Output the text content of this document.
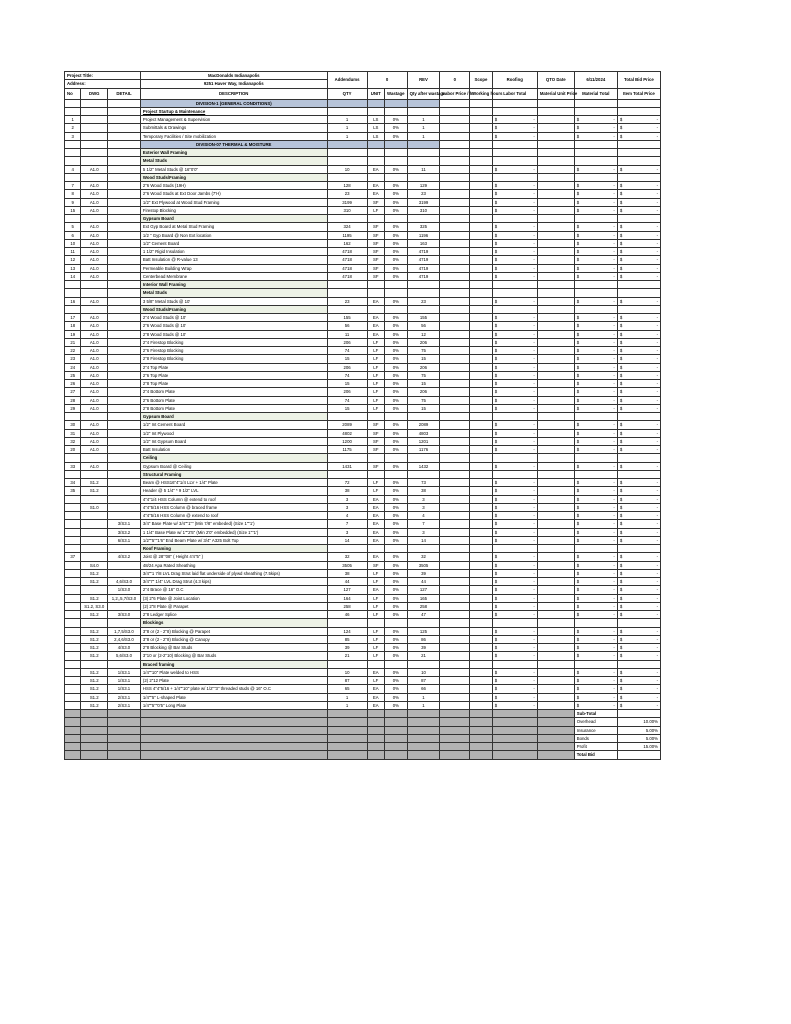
Project Title:			MacDonalds Indianapolis	Addendums	0		REV	0	Scope	Roofing	QTO Date	6/11/2024	Total Bid Price
Address:			9251 Haver Way, Indianapolis										
No	DWG	DETAIL	DESCRIPTION	QTY	UNIT	Wastage	Qty after wastage	Labor Price / hr	Working hours	Labor Total	Material Unit Price	Material Total	Item Total Price
			DIVISION-1 (GENERAL CONDITIONS)										
			Project Startup & Maintenance										
1			Project Management & Supervision	1	LS	0%	1			$ -		$ -	$ -

2			Submittals & Drawings	1	LS	0%	1			$ -		$ -	$ -

3			Temporary Facilities / Site mobilization	1	LS	0%	1			$ -		$ -	$ -

			DIVISION-07 THERMAL & MOISTURE										
			Exterior Wall Framing										
			Metal Studs										
4	A1.0		5 1/2" Metal Studs @ 16"0'0"	10	EA	0%	11			$ -		$ -	$ -

			Wood Studs/Framing										
7	A1.0		2"6 Wood Studs (19H)	128	EA	0%	129			$ -		$ -	$ -

8	A1.0		2"6 Wood Studs at Ext Door Jambs (7'H)	23	EA	0%	23			$ -		$ -	$ -

9	A1.0		1/2" Ext Plywood at Wood Stud Framing	3199	SF	0%	3199			$ -		$ -	$ -

15	A1.0		Firestop Blocking	310	LF	0%	310			$ -		$ -	$ -

			Gypsum Board										
5	A1.0		Ext Gyp Board at Metal Stud Framing	324	SF	0%	325			$ -		$ -	$ -

6	A1.0		1/2 " Gyp Board @ Non Ext location	1195	SF	0%	1196			$ -		$ -	$ -

10	A1.0		1/2" Cement Board	162	SF	0%	163			$ -		$ -	$ -

11	A1.0		1 1/2" Rigid Insulation	4718	SF	0%	4719			$ -		$ -	$ -

12	A1.0		Batt Insulation @ R-value 13	4718	SF	0%	4719			$ -		$ -	$ -

13	A1.0		Permeable Building Wrap	4718	SF	0%	4719			$ -		$ -	$ -

14	A1.0		Centerbead Membrane	4718	SF	0%	4719			$ -		$ -	$ -

			Interior Wall Framing										
			Metal Studs										
16	A1.0		3 5/8" Metal Studs @ 10'	23	EA	0%	23			$ -		$ -	$ -

			Wood Studs/Framing										
17	A1.0		2"4 Wood Studs @ 10'	155	EA	0%	155			$ -		$ -	$ -

18	A1.0		2"6 Wood Studs @ 10'	56	EA	0%	56			$ -		$ -	$ -

19	A1.0		2"8 Wood Studs @ 10'	11	EA	0%	12			$ -		$ -	$ -

21	A1.0		2"4 Firestop Blocking	206	LF	0%	206			$ -		$ -	$ -

22	A1.0		2"6 Firestop Blocking	74	LF	0%	75			$ -		$ -	$ -

23	A1.0		2"8 Firestop Blocking	15	LF	0%	15			$ -		$ -	$ -

24	A1.0		2"4 Top Plate	206	LF	0%	206			$ -		$ -	$ -

25	A1.0		2"6 Top Plate	74	LF	0%	75			$ -		$ -	$ -

26	A1.0		2"8 Top Plate	15	LF	0%	15			$ -		$ -	$ -

27	A1.0		2"4 Bottom Plate	206	LF	0%	206			$ -		$ -	$ -

28	A1.0		2"6 Bottom Plate	74	LF	0%	75			$ -		$ -	$ -

29	A1.0		2"8 Bottom Plate	15	LF	0%	15			$ -		$ -	$ -

			Gypsum Board										
30	A1.0		1/2" Int Cement Board	2089	SF	0%	2089			$ -		$ -	$ -

31	A1.0		1/2" Int Plywood	4802	SF	0%	4803			$ -		$ -	$ -

32	A1.0		1/2" Int Gypsum Board	1200	SF	0%	1201			$ -		$ -	$ -

20	A1.0		Batt Insulation	1175	SF	0%	1176			$ -		$ -	$ -

			Ceiling										
33	A1.0		Gypsum Board @ Ceiling	1431	SF	0%	1432			$ -		$ -	$ -

			Structural Framing										
34	S1.2		Beam @ HSS16"4"1/4 LLV + 1/4" Plate	72	LF	0%	73			$ -		$ -	$ -

35	S1.2		Header @ 5 1/4" * 9 1/2" LVL	38	LF	0%	38			$ -		$ -	$ -

			4"4"1/4 HSS Column @ extend to roof	3	EA	0%	3			$ -		$ -	$ -

	S1.0		4"4"5/16 HSS Column @ braced frame	3	EA	0%	3			$ -		$ -	$ -

			4"4"5/16 HSS Column @ extend to roof	4	EA	0%	4			$ -		$ -	$ -

		3/S3.1	3/4" Base Plate w/ 3/4""1"" (Min 7/8" embeded) (Size 1""1')	7	EA	0%	7			$ -		$ -	$ -

		3/S3.2	1 1/4" Base Plate w/ 1""2'5" (Min 2'0" embedded) (Size 1""1')	3	EA	0%	3			$ -		$ -	$ -

		6/S3.1	1/2""5""1'6" End Beam Plate w/ 3/4" A325 Bolt Top	14	EA	0%	14			$ -		$ -	$ -

			Roof Framing										
37		4/S3.2	Joist @ 28'"08" ( Height 4'4"5" )	32	EA	0%	32			$ -		$ -	$ -

	S4.0		48/24 Apa Rated Sheathing	3505	SF	0%	3505			$ -		$ -	$ -

	S1.2		3/4""1 7/8 LVL Drag Strut laid flat underside of plywd sheathing (7.5kips)	38	LF	0%	39			$ -		$ -	$ -

	S1.2	4,6/S3.0	3/4"7" 1/4" LVL Drag Strut (4.3 kips)	44	LF	0%	44			$ -		$ -	$ -

		1/S3.0	2"4 Brace @ 16" O.C	127	EA	0%	127			$ -		$ -	$ -

	S1.2	1,2,,5,7/S3.0	(3) 2"6 Plate @ Joist Location	164	LF	0%	165			$ -		$ -	$ -

	S1.2, S3.0		(2) 2"8 Plate @ Parapet	258	LF	0%	258			$ -		$ -	$ -

	S1.2	3/S3.0	2"8 Ledger Splice	46	LF	0%	47			$ -		$ -	$ -

			Blockings										
	S1.2	1,7,5/S3.0	3"8 or (2 - 2"8) Blocking @ Parapet	124	LF	0%	125			$ -		$ -	$ -

	S1.2	2,4,6/S3.0	3"8 or (2 - 2"8) Blocking @ Canopy	85	LF	0%	86			$ -		$ -	$ -

	S1.2	4/S3.0	2"8 Blocking @ Bar Studs	39	LF	0%	39			$ -		$ -	$ -

	S1.2	5,6/S3.0	3"10 or (2-2"10) Blocking @ Bar Studs	21	LF	0%	21			$ -		$ -	$ -

			Braced framing										
	S1.2	1/S3.1	1/4""10" Plate welded to HSS	10	EA	0%	10			$ -		$ -	$ -

	S1.2	1/S3.1	(2) 2"12 Plate	87	LF	0%	87			$ -		$ -	$ -

	S1.2	1/S3.1	HSS 4"4"5/16 + 1/4""10" plate w/ 1/2""3" threaded studs @ 16" O.C	65	EA	0%	66			$ -		$ -	$ -

	S1.2	2/S3.1	1/4""5" L-shaped Plate	1	EA	0%	1			$ -		$ -	$ -

	S1.2	2/S3.1	1/4""5""0'5" Long Plate	1	EA	0%	1			$ -		$ -	$ -

												Sub-Total	
												Overhead	10.00%
												Insurance	5.00%
												Bonds	5.00%
												Profit	15.00%
												Total Bid	
